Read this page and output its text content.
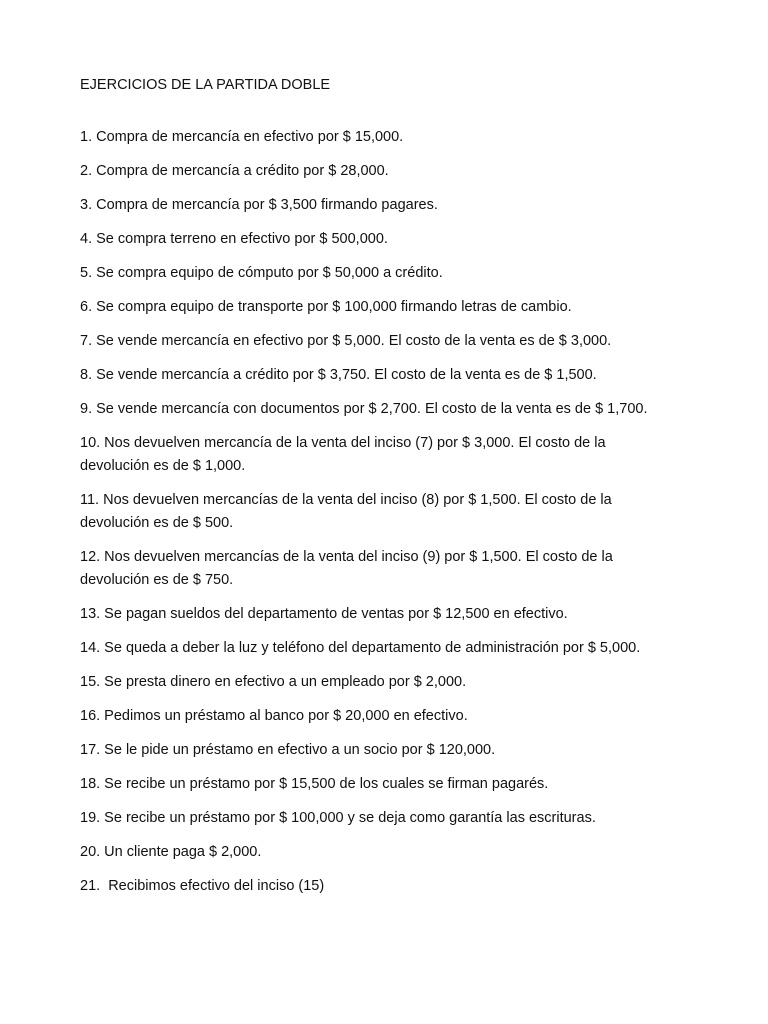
EJERCICIOS DE LA PARTIDA DOBLE
1. Compra de mercancía en efectivo por $ 15,000.
2. Compra de mercancía a crédito por $ 28,000.
3. Compra de mercancía por $ 3,500 firmando pagares.
4. Se compra terreno en efectivo por $ 500,000.
5. Se compra equipo de cómputo por $ 50,000 a crédito.
6. Se compra equipo de transporte por $ 100,000 firmando letras de cambio.
7. Se vende mercancía en efectivo por $ 5,000. El costo de la venta es de $ 3,000.
8. Se vende mercancía a crédito por $ 3,750. El costo de la venta es de $ 1,500.
9. Se vende mercancía con documentos por $ 2,700. El costo de la venta es de $ 1,700.
10. Nos devuelven mercancía de la venta del inciso (7) por $ 3,000. El costo de la
devolución es de $ 1,000.
11. Nos devuelven mercancías de la venta del inciso (8) por $ 1,500. El costo de la
devolución es de $ 500.
12. Nos devuelven mercancías de la venta del inciso (9) por $ 1,500. El costo de la
devolución es de $ 750.
13. Se pagan sueldos del departamento de ventas por $ 12,500 en efectivo.
14. Se queda a deber la luz y teléfono del departamento de administración por $ 5,000.
15. Se presta dinero en efectivo a un empleado por $ 2,000.
16. Pedimos un préstamo al banco por $ 20,000 en efectivo.
17. Se le pide un préstamo en efectivo a un socio por $ 120,000.
18. Se recibe un préstamo por $ 15,500 de los cuales se firman pagarés.
19. Se recibe un préstamo por $ 100,000 y se deja como garantía las escrituras.
20. Un cliente paga $ 2,000.
21.  Recibimos efectivo del inciso (15)
